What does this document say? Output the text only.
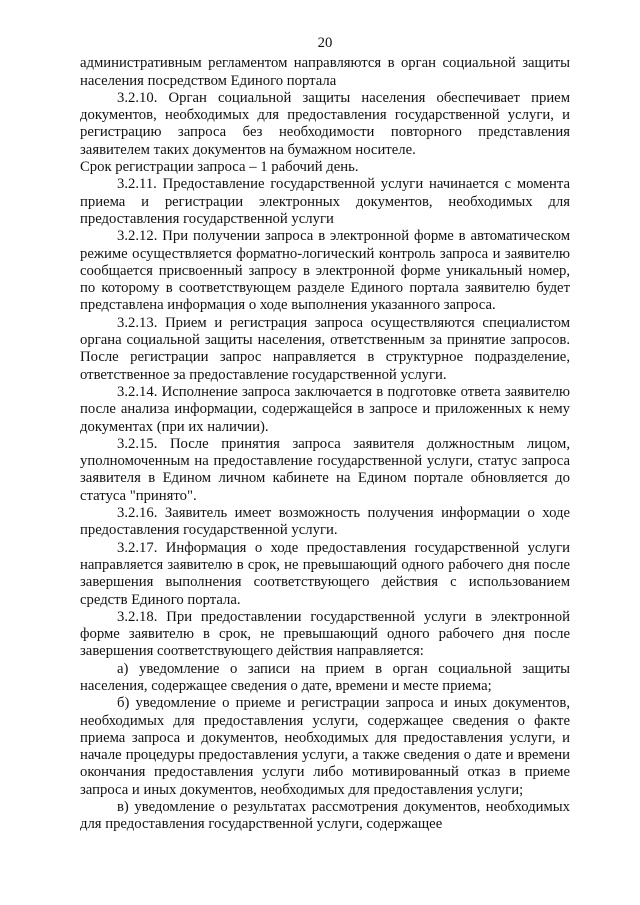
20

административным регламентом направляются в орган социальной защиты населения посредством Единого портала

3.2.10. Орган социальной защиты населения обеспечивает прием документов, необходимых для предоставления государственной услуги, и регистрацию запроса без необходимости повторного представления заявителем таких документов на бумажном носителе.

Срок регистрации запроса – 1 рабочий день.

3.2.11. Предоставление государственной услуги начинается с момента приема и регистрации электронных документов, необходимых для предоставления государственной услуги

3.2.12. При получении запроса в электронной форме в автоматическом режиме осуществляется форматно-логический контроль запроса и заявителю сообщается присвоенный запросу в электронной форме уникальный номер, по которому в соответствующем разделе Единого портала заявителю будет представлена информация о ходе выполнения указанного запроса.

3.2.13. Прием и регистрация запроса осуществляются специалистом органа социальной защиты населения, ответственным за принятие запросов. После регистрации запрос направляется в структурное подразделение, ответственное за предоставление государственной услуги.

3.2.14. Исполнение запроса заключается в подготовке ответа заявителю после анализа информации, содержащейся в запросе и приложенных к нему документах (при их наличии).

3.2.15. После принятия запроса заявителя должностным лицом, уполномоченным на предоставление государственной услуги, статус запроса заявителя в Едином личном кабинете на Едином портале обновляется до статуса "принято".

3.2.16. Заявитель имеет возможность получения информации о ходе предоставления государственной услуги.

3.2.17. Информация о ходе предоставления государственной услуги направляется заявителю в срок, не превышающий одного рабочего дня после завершения выполнения соответствующего действия с использованием средств Единого портала.

3.2.18. При предоставлении государственной услуги в электронной форме заявителю в срок, не превышающий одного рабочего дня после завершения соответствующего действия направляется:

а) уведомление о записи на прием в орган социальной защиты населения, содержащее сведения о дате, времени и месте приема;

б) уведомление о приеме и регистрации запроса и иных документов, необходимых для предоставления услуги, содержащее сведения о факте приема запроса и документов, необходимых для предоставления услуги, и начале процедуры предоставления услуги, а также сведения о дате и времени окончания предоставления услуги либо мотивированный отказ в приеме запроса и иных документов, необходимых для предоставления услуги;

в) уведомление о результатах рассмотрения документов, необходимых для предоставления государственной услуги, содержащее
